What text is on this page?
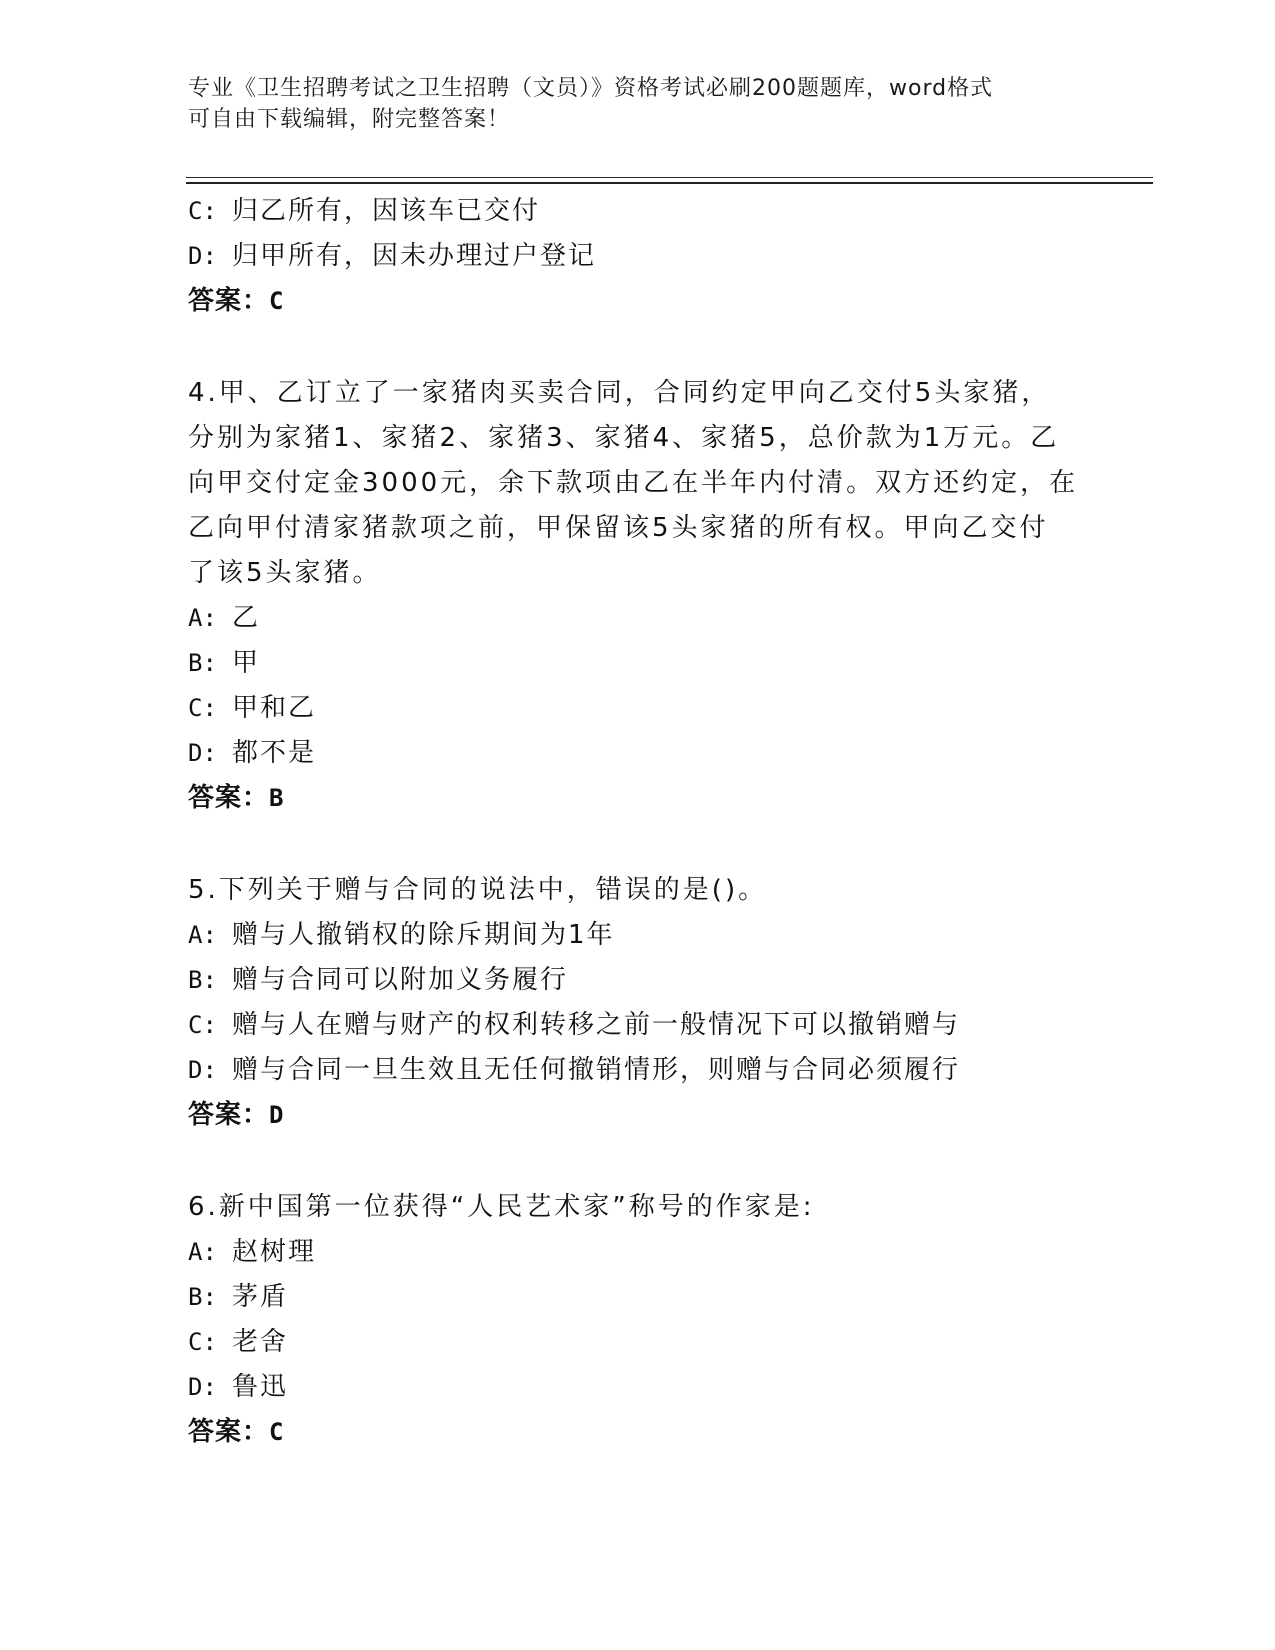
专业《卫生招聘考试之卫生招聘（文员）》资格考试必刷200题题库，word格式
可自由下载编辑，附完整答案！
C: 归乙所有，因该车已交付
D: 归甲所有，因未办理过户登记
答案：C
4.甲、乙订立了一家猪肉买卖合同，合同约定甲向乙交付5头家猪，
分别为家猪1、家猪2、家猪3、家猪4、家猪5，总价款为1万元。乙
向甲交付定金3000元，余下款项由乙在半年内付清。双方还约定，在
乙向甲付清家猪款项之前，甲保留该5头家猪的所有权。甲向乙交付
了该5头家猪。
A: 乙
B: 甲
C: 甲和乙
D: 都不是
答案：B
5.下列关于赠与合同的说法中，错误的是()。
A: 赠与人撤销权的除斥期间为1年
B: 赠与合同可以附加义务履行
C: 赠与人在赠与财产的权利转移之前一般情况下可以撤销赠与
D: 赠与合同一旦生效且无任何撤销情形，则赠与合同必须履行
答案：D
6.新中国第一位获得“人民艺术家”称号的作家是:
A: 赵树理
B: 茅盾
C: 老舍
D: 鲁迅
答案：C
